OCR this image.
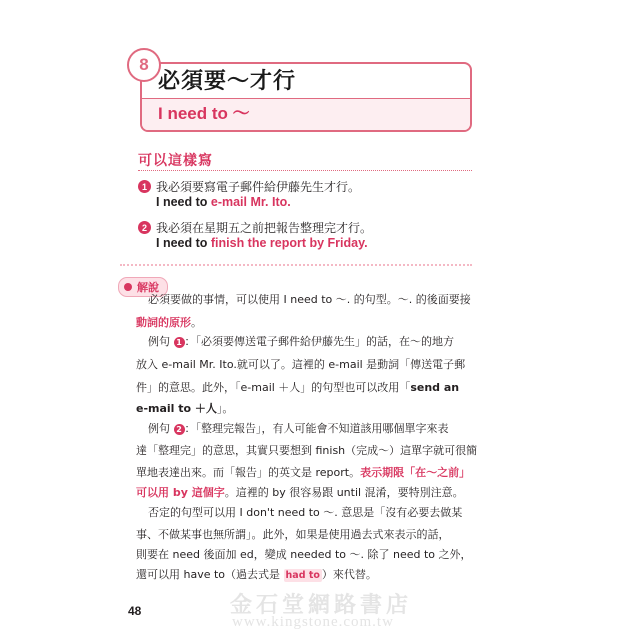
8
必須要～才行
I need to ～
可以這樣寫
1 我必須要寫電子郵件給伊藤先生才行。
I need to e-mail Mr. Ito.
2 我必須在星期五之前把報告整理完才行。
I need to finish the report by Friday.
解說
必須要做的事情，可以使用 I need to ～. 的句型。～. 的後面要接
動詞的原形。
例句 1 ：「必須要傳送電子郵件給伊藤先生」的話，在～的地方
放入 e-mail Mr. Ito.就可以了。這裡的 e-mail 是動詞「傳送電子郵
件」的意思。此外，「e-mail ＋人」的句型也可以改用「send an
e-mail to ＋人」。
例句 2 ：「整理完報告」，有人可能會不知道該用哪個單字來表
達「整理完」的意思，其實只要想到 finish（完成～）這單字就可很簡
單地表達出來。而「報告」的英文是 report。表示期限「在～之前」
可以用 by 這個字。這裡的 by 很容易跟 until 混淆，要特別注意。
否定的句型可以用 I don't need to ～. 意思是「沒有必要去做某
事、不做某事也無所謂」。此外，如果是使用過去式來表示的話，
則要在 need 後面加 ed，變成 needed to ～. 除了 need to 之外，
還可以用 have to（過去式是 had to ）來代替。
48	金石堂網路書店
www.kingstone.com.tw
